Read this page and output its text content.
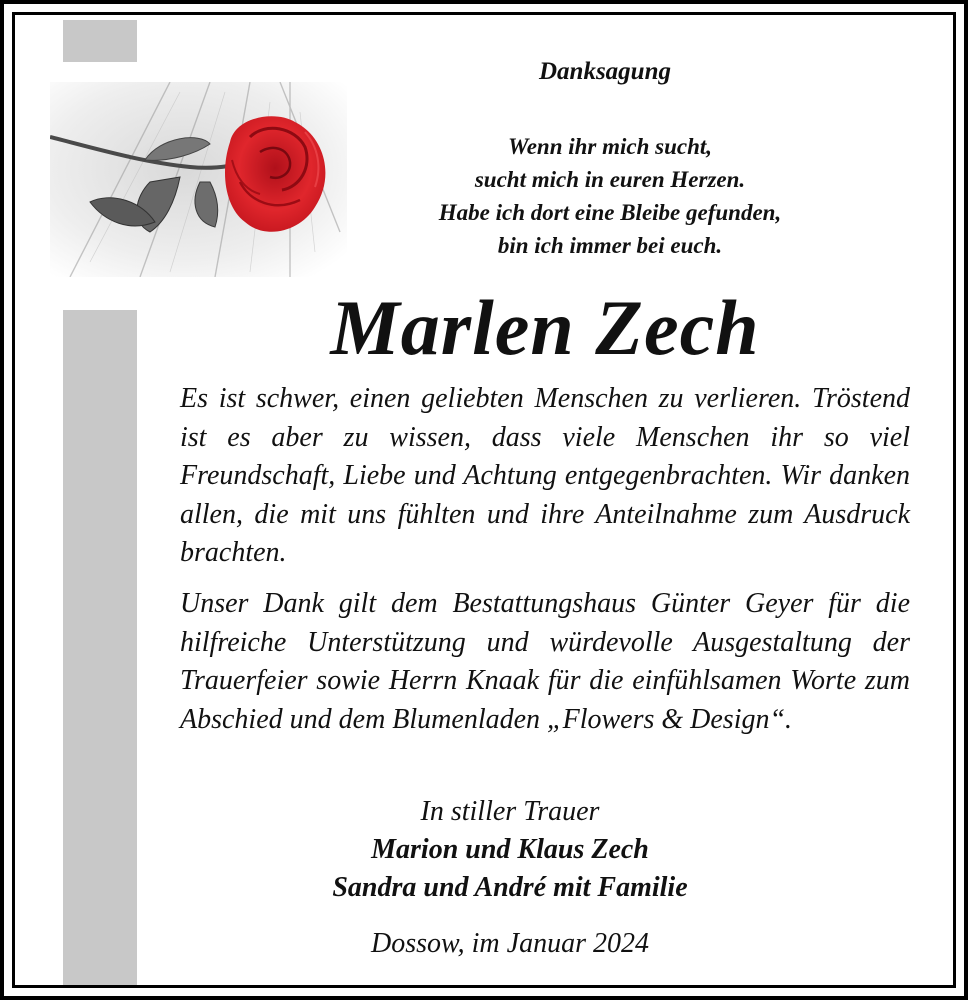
Danksagung
Wenn ihr mich sucht,
sucht mich in euren Herzen.
Habe ich dort eine Bleibe gefunden,
bin ich immer bei euch.
Marlen Zech

Es ist schwer, einen geliebten Menschen zu verlieren. Tröstend ist es aber zu wissen, dass viele Menschen ihr so viel Freundschaft, Liebe und Achtung entgegenbrachten. Wir danken allen, die mit uns fühlten und ihre Anteilnahme zum Ausdruck brachten.

Unser Dank gilt dem Bestattungshaus Günter Geyer für die hilfreiche Unterstützung und würdevolle Ausgestaltung der Trauerfeier sowie Herrn Knaak für die einfühlsamen Worte zum Abschied und dem Blumenladen „Flowers & Design“.

In stiller Trauer
Marion und Klaus Zech
Sandra und André mit Familie
Dossow, im Januar 2024
